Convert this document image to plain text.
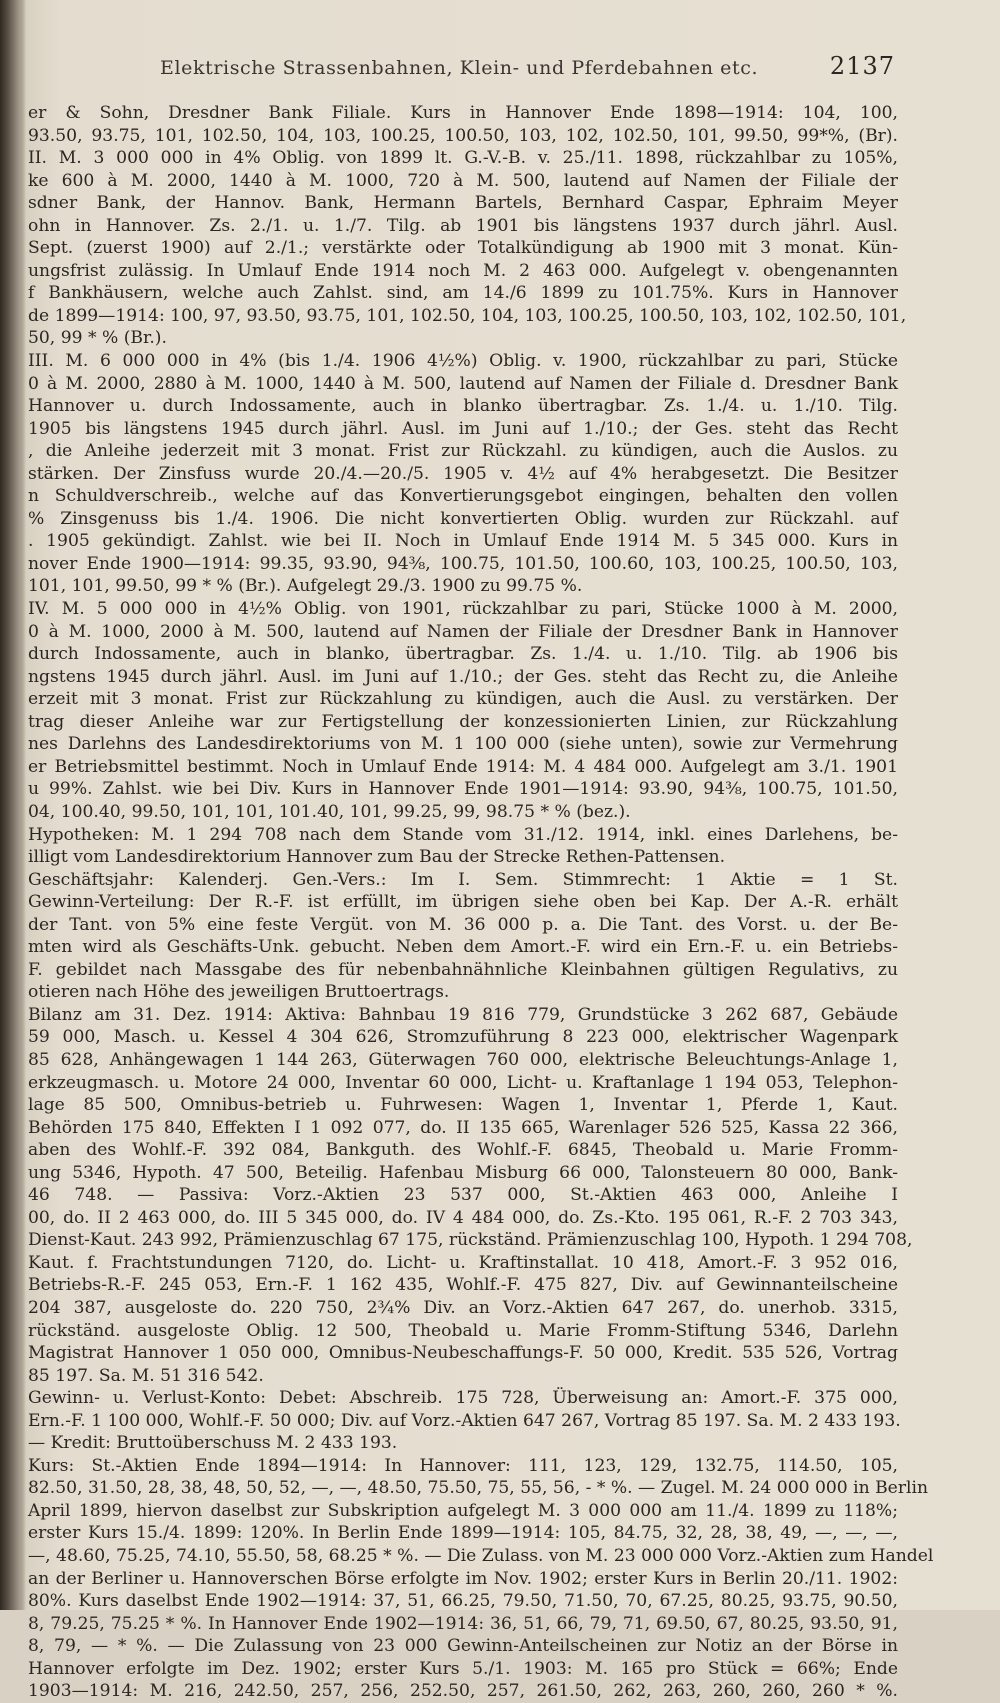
Elektrische Strassenbahnen, Klein- und Pferdebahnen etc.	2137
er & Sohn, Dresdner Bank Filiale. Kurs in Hannover Ende 1898—1914: 104, 100,
93.50, 93.75, 101, 102.50, 104, 103, 100.25, 100.50, 103, 102, 102.50, 101, 99.50, 99*%, (Br).
II. M. 3 000 000 in 4% Oblig. von 1899 lt. G.-V.-B. v. 25./11. 1898, rückzahlbar zu 105%,
ke 600 à M. 2000, 1440 à M. 1000, 720 à M. 500, lautend auf Namen der Filiale der
sdner Bank, der Hannov. Bank, Hermann Bartels, Bernhard Caspar, Ephraim Meyer
ohn in Hannover. Zs. 2./1. u. 1./7. Tilg. ab 1901 bis längstens 1937 durch jährl. Ausl.
Sept. (zuerst 1900) auf 2./1.; verstärkte oder Totalkündigung ab 1900 mit 3 monat. Kün-
ungsfrist zulässig. In Umlauf Ende 1914 noch M. 2 463 000. Aufgelegt v. obengenannten
f Bankhäusern, welche auch Zahlst. sind, am 14./6 1899 zu 101.75%. Kurs in Hannover
de 1899—1914: 100, 97, 93.50, 93.75, 101, 102.50, 104, 103, 100.25, 100.50, 103, 102, 102.50, 101,
50, 99 * % (Br.).
III. M. 6 000 000 in 4% (bis 1./4. 1906 4½%) Oblig. v. 1900, rückzahlbar zu pari, Stücke
0 à M. 2000, 2880 à M. 1000, 1440 à M. 500, lautend auf Namen der Filiale d. Dresdner Bank
Hannover u. durch Indossamente, auch in blanko übertragbar. Zs. 1./4. u. 1./10. Tilg.
1905 bis längstens 1945 durch jährl. Ausl. im Juni auf 1./10.; der Ges. steht das Recht
, die Anleihe jederzeit mit 3 monat. Frist zur Rückzahl. zu kündigen, auch die Auslos. zu
stärken. Der Zinsfuss wurde 20./4.—20./5. 1905 v. 4½ auf 4% herabgesetzt. Die Besitzer
n Schuldverschreib., welche auf das Konvertierungsgebot eingingen, behalten den vollen
% Zinsgenuss bis 1./4. 1906. Die nicht konvertierten Oblig. wurden zur Rückzahl. auf
. 1905 gekündigt. Zahlst. wie bei II. Noch in Umlauf Ende 1914 M. 5 345 000. Kurs in
nover Ende 1900—1914: 99.35, 93.90, 94⅜, 100.75, 101.50, 100.60, 103, 100.25, 100.50, 103,
101, 101, 99.50, 99 * % (Br.). Aufgelegt 29./3. 1900 zu 99.75 %.
IV. M. 5 000 000 in 4½% Oblig. von 1901, rückzahlbar zu pari, Stücke 1000 à M. 2000,
0 à M. 1000, 2000 à M. 500, lautend auf Namen der Filiale der Dresdner Bank in Hannover
durch Indossamente, auch in blanko, übertragbar. Zs. 1./4. u. 1./10. Tilg. ab 1906 bis
ngstens 1945 durch jährl. Ausl. im Juni auf 1./10.; der Ges. steht das Recht zu, die Anleihe
erzeit mit 3 monat. Frist zur Rückzahlung zu kündigen, auch die Ausl. zu verstärken. Der
trag dieser Anleihe war zur Fertigstellung der konzessionierten Linien, zur Rückzahlung
nes Darlehns des Landesdirektoriums von M. 1 100 000 (siehe unten), sowie zur Vermehrung
er Betriebsmittel bestimmt. Noch in Umlauf Ende 1914: M. 4 484 000. Aufgelegt am 3./1. 1901
u 99%. Zahlst. wie bei Div. Kurs in Hannover Ende 1901—1914: 93.90, 94⅜, 100.75, 101.50,
04, 100.40, 99.50, 101, 101, 101.40, 101, 99.25, 99, 98.75 * % (bez.).
Hypotheken: M. 1 294 708 nach dem Stande vom 31./12. 1914, inkl. eines Darlehens, be-
illigt vom Landesdirektorium Hannover zum Bau der Strecke Rethen-Pattensen.
Geschäftsjahr: Kalenderj. Gen.-Vers.: Im I. Sem. Stimmrecht: 1 Aktie = 1 St.
Gewinn-Verteilung: Der R.-F. ist erfüllt, im übrigen siehe oben bei Kap. Der A.-R. erhält
der Tant. von 5% eine feste Vergüt. von M. 36 000 p. a. Die Tant. des Vorst. u. der Be-
mten wird als Geschäfts-Unk. gebucht. Neben dem Amort.-F. wird ein Ern.-F. u. ein Betriebs-
F. gebildet nach Massgabe des für nebenbahnähnliche Kleinbahnen gültigen Regulativs, zu
otieren nach Höhe des jeweiligen Bruttoertrags.
Bilanz am 31. Dez. 1914: Aktiva: Bahnbau 19 816 779, Grundstücke 3 262 687, Gebäude
59 000, Masch. u. Kessel 4 304 626, Stromzuführung 8 223 000, elektrischer Wagenpark
85 628, Anhängewagen 1 144 263, Güterwagen 760 000, elektrische Beleuchtungs-Anlage 1,
erkzeugmasch. u. Motore 24 000, Inventar 60 000, Licht- u. Kraftanlage 1 194 053, Telephon-
lage 85 500, Omnibus-betrieb u. Fuhrwesen: Wagen 1, Inventar 1, Pferde 1, Kaut.
Behörden 175 840, Effekten I 1 092 077, do. II 135 665, Warenlager 526 525, Kassa 22 366,
aben des Wohlf.-F. 392 084, Bankguth. des Wohlf.-F. 6845, Theobald u. Marie Fromm-
ung 5346, Hypoth. 47 500, Beteilig. Hafenbau Misburg 66 000, Talonsteuern 80 000, Bank-
46 748. — Passiva: Vorz.-Aktien 23 537 000, St.-Aktien 463 000, Anleihe I
00, do. II 2 463 000, do. III 5 345 000, do. IV 4 484 000, do. Zs.-Kto. 195 061, R.-F. 2 703 343,
Dienst-Kaut. 243 992, Prämienzuschlag 67 175, rückständ. Prämienzuschlag 100, Hypoth. 1 294 708,
Kaut. f. Frachtstundungen 7120, do. Licht- u. Kraftinstallat. 10 418, Amort.-F. 3 952 016,
Betriebs-R.-F. 245 053, Ern.-F. 1 162 435, Wohlf.-F. 475 827, Div. auf Gewinnanteilscheine
204 387, ausgeloste do. 220 750, 2¾% Div. an Vorz.-Aktien 647 267, do. unerhob. 3315,
rückständ. ausgeloste Oblig. 12 500, Theobald u. Marie Fromm-Stiftung 5346, Darlehn
Magistrat Hannover 1 050 000, Omnibus-Neubeschaffungs-F. 50 000, Kredit. 535 526, Vortrag
85 197. Sa. M. 51 316 542.
Gewinn- u. Verlust-Konto: Debet: Abschreib. 175 728, Überweisung an: Amort.-F. 375 000,
Ern.-F. 1 100 000, Wohlf.-F. 50 000; Div. auf Vorz.-Aktien 647 267, Vortrag 85 197. Sa. M. 2 433 193.
— Kredit: Bruttoüberschuss M. 2 433 193.
Kurs: St.-Aktien Ende 1894—1914: In Hannover: 111, 123, 129, 132.75, 114.50, 105,
82.50, 31.50, 28, 38, 48, 50, 52, —, —, 48.50, 75.50, 75, 55, 56, - * %. — Zugel. M. 24 000 000 in Berlin
April 1899, hiervon daselbst zur Subskription aufgelegt M. 3 000 000 am 11./4. 1899 zu 118%;
erster Kurs 15./4. 1899: 120%. In Berlin Ende 1899—1914: 105, 84.75, 32, 28, 38, 49, —, —, —,
—, 48.60, 75.25, 74.10, 55.50, 58, 68.25 * %. — Die Zulass. von M. 23 000 000 Vorz.-Aktien zum Handel
an der Berliner u. Hannoverschen Börse erfolgte im Nov. 1902; erster Kurs in Berlin 20./11. 1902:
80%. Kurs daselbst Ende 1902—1914: 37, 51, 66.25, 79.50, 71.50, 70, 67.25, 80.25, 93.75, 90.50,
8, 79.25, 75.25 * %. In Hannover Ende 1902—1914: 36, 51, 66, 79, 71, 69.50, 67, 80.25, 93.50, 91,
8, 79, — * %. — Die Zulassung von 23 000 Gewinn-Anteilscheinen zur Notiz an der Börse in
Hannover erfolgte im Dez. 1902; erster Kurs 5./1. 1903: M. 165 pro Stück = 66%; Ende
1903—1914: M. 216, 242.50, 257, 256, 252.50, 257, 261.50, 262, 263, 260, 260, 260 * %.
